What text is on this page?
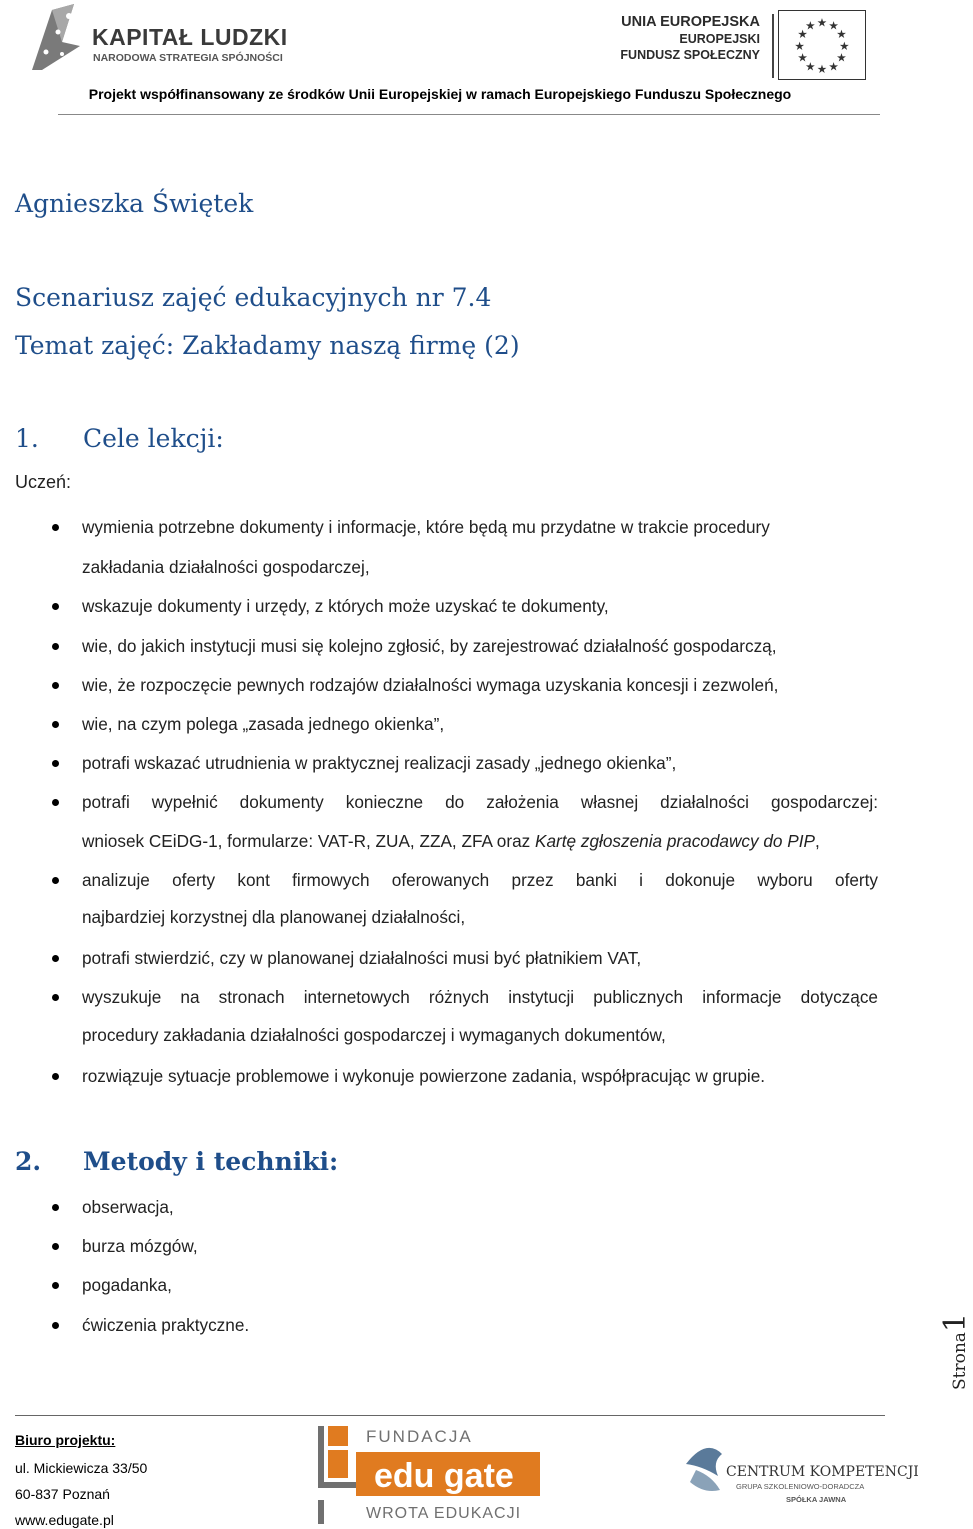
KAPITAŁ LUDZKI
NARODOWA STRATEGIA SPÓJNOŚCI
UNIA EUROPEJSKA
EUROPEJSKI
FUNDUSZ SPOŁECZNY
★ ★
★
★
★
★
★
★
★
★
★
★
Projekt współfinansowany ze środków Unii Europejskiej w ramach Europejskiego Funduszu Społecznego
Agnieszka Świętek
Scenariusz zajęć edukacyjnych nr 7.4
Temat zajęć: Zakładamy naszą firmę (2)
1. Cele lekcji:
Uczeń:
wymienia potrzebne dokumenty i informacje, które będą mu przydatne w trakcie procedury
zakładania działalności gospodarczej,
wskazuje dokumenty i urzędy, z których może uzyskać te dokumenty,
wie, do jakich instytucji musi się kolejno zgłosić, by zarejestrować działalność gospodarczą,
wie, że rozpoczęcie pewnych rodzajów działalności wymaga uzyskania koncesji i zezwoleń,
wie, na czym polega „zasada jednego okienka”,
potrafi wskazać utrudnienia w praktycznej realizacji zasady „jednego okienka”,
potrafi wypełnić dokumenty konieczne do założenia własnej działalności gospodarczej:
wniosek CEiDG-1, formularze: VAT-R, ZUA, ZZA, ZFA oraz Kartę zgłoszenia pracodawcy do PIP,
analizuje oferty kont firmowych oferowanych przez banki i dokonuje wyboru oferty
najbardziej korzystnej dla planowanej działalności,
potrafi stwierdzić, czy w planowanej działalności musi być płatnikiem VAT,
wyszukuje na stronach internetowych różnych instytucji publicznych informacje dotyczące
procedury zakładania działalności gospodarczej i wymaganych dokumentów,
rozwiązuje sytuacje problemowe i wykonuje powierzone zadania, współpracując w grupie.
2. Metody i techniki:
obserwacja,
burza mózgów,
pogadanka,
ćwiczenia praktyczne.
Strona1
Biuro projektu:
ul. Mickiewicza 33/50
60-837 Poznań
www.edugate.pl
FUNDACJA
edu gate
WROTA EDUKACJI
CENTRUM KOMPETENCJI
GRUPA SZKOLENIOWO-DORADCZA
SPÓŁKA JAWNA
